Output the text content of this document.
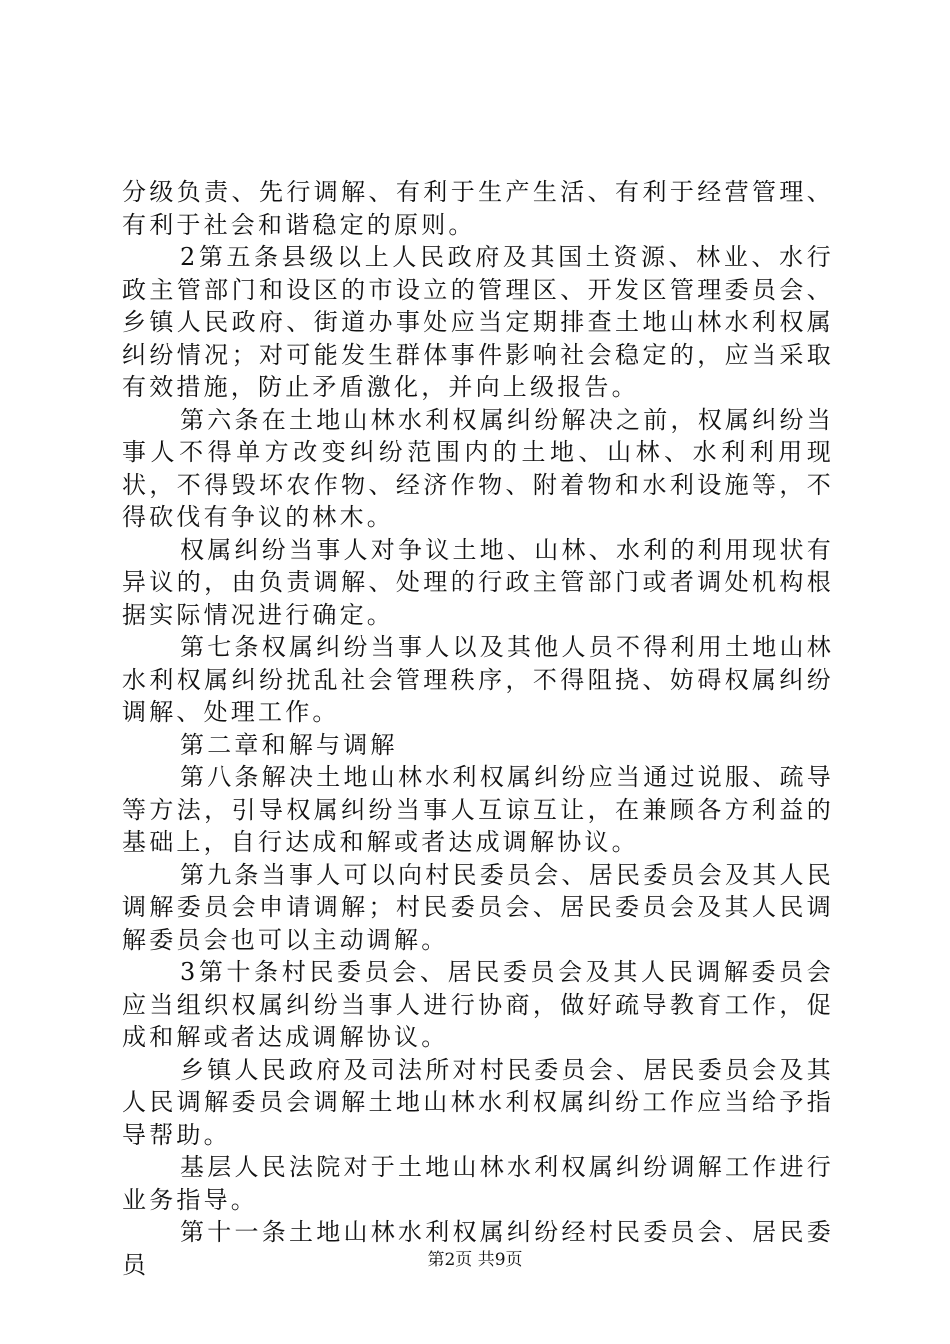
分级负责、先行调解、有利于生产生活、有利于经营管理、有利于社会和谐稳定的原则。

2第五条县级以上人民政府及其国土资源、林业、水行政主管部门和设区的市设立的管理区、开发区管理委员会、乡镇人民政府、街道办事处应当定期排查土地山林水利权属纠纷情况；对可能发生群体事件影响社会稳定的，应当采取有效措施，防止矛盾激化，并向上级报告。

第六条在土地山林水利权属纠纷解决之前，权属纠纷当事人不得单方改变纠纷范围内的土地、山林、水利利用现状，不得毁坏农作物、经济作物、附着物和水利设施等，不得砍伐有争议的林木。

权属纠纷当事人对争议土地、山林、水利的利用现状有异议的，由负责调解、处理的行政主管部门或者调处机构根据实际情况进行确定。

第七条权属纠纷当事人以及其他人员不得利用土地山林水利权属纠纷扰乱社会管理秩序，不得阻挠、妨碍权属纠纷调解、处理工作。

第二章和解与调解

第八条解决土地山林水利权属纠纷应当通过说服、疏导等方法，引导权属纠纷当事人互谅互让，在兼顾各方利益的基础上，自行达成和解或者达成调解协议。

第九条当事人可以向村民委员会、居民委员会及其人民调解委员会申请调解；村民委员会、居民委员会及其人民调解委员会也可以主动调解。

3第十条村民委员会、居民委员会及其人民调解委员会应当组织权属纠纷当事人进行协商，做好疏导教育工作，促成和解或者达成调解协议。

乡镇人民政府及司法所对村民委员会、居民委员会及其人民调解委员会调解土地山林水利权属纠纷工作应当给予指导帮助。

基层人民法院对于土地山林水利权属纠纷调解工作进行业务指导。

第十一条土地山林水利权属纠纷经村民委员会、居民委员	第2页 共9页
